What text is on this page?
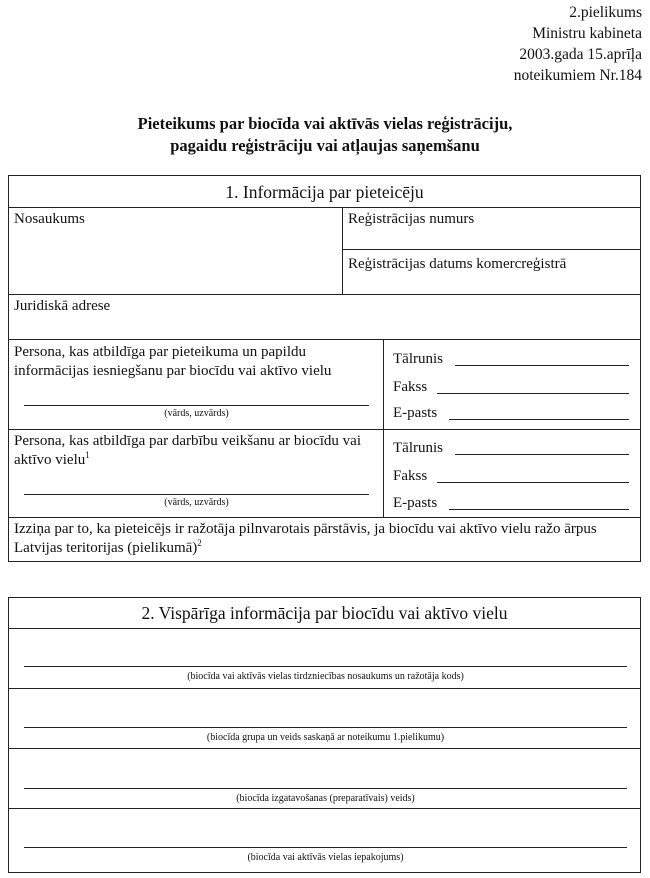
2.pielikums
Ministru kabineta
2003.gada 15.aprīļa
noteikumiem Nr.184
Pieteikums par biocīda vai aktīvās vielas reģistrāciju,
pagaidu reģistrāciju vai atļaujas saņemšanu
1. Informācija par pieteicēju
Nosaukums	Reģistrācijas numurs
Reģistrācijas datums komercreģistrā
Juridiskā adrese
Persona, kas atbildīga par pieteikuma un papildu informācijas iesniegšanu par biocīdu vai aktīvo vielu
(vārds, uzvārds)
Tālrunis
Fakss
E-pasts
Persona, kas atbildīga par darbību veikšanu ar biocīdu vai aktīvo vielu$^1$
(vārds, uzvārds)
Tālrunis
Fakss
E-pasts
Izziņa par to, ka pieteicējs ir ražotāja pilnvarotais pārstāvis, ja biocīdu vai aktīvo vielu ražo ārpus Latvijas teritorijas (pielikumā)$^2$
2. Vispārīga informācija par biocīdu vai aktīvo vielu
(biocīda vai aktīvās vielas tirdzniecības nosaukums un ražotāja kods)
(biocīda grupa un veids saskaņā ar noteikumu 1.pielikumu)
(biocīda izgatavošanas (preparatīvais) veids)
(biocīda vai aktīvās vielas iepakojums)
